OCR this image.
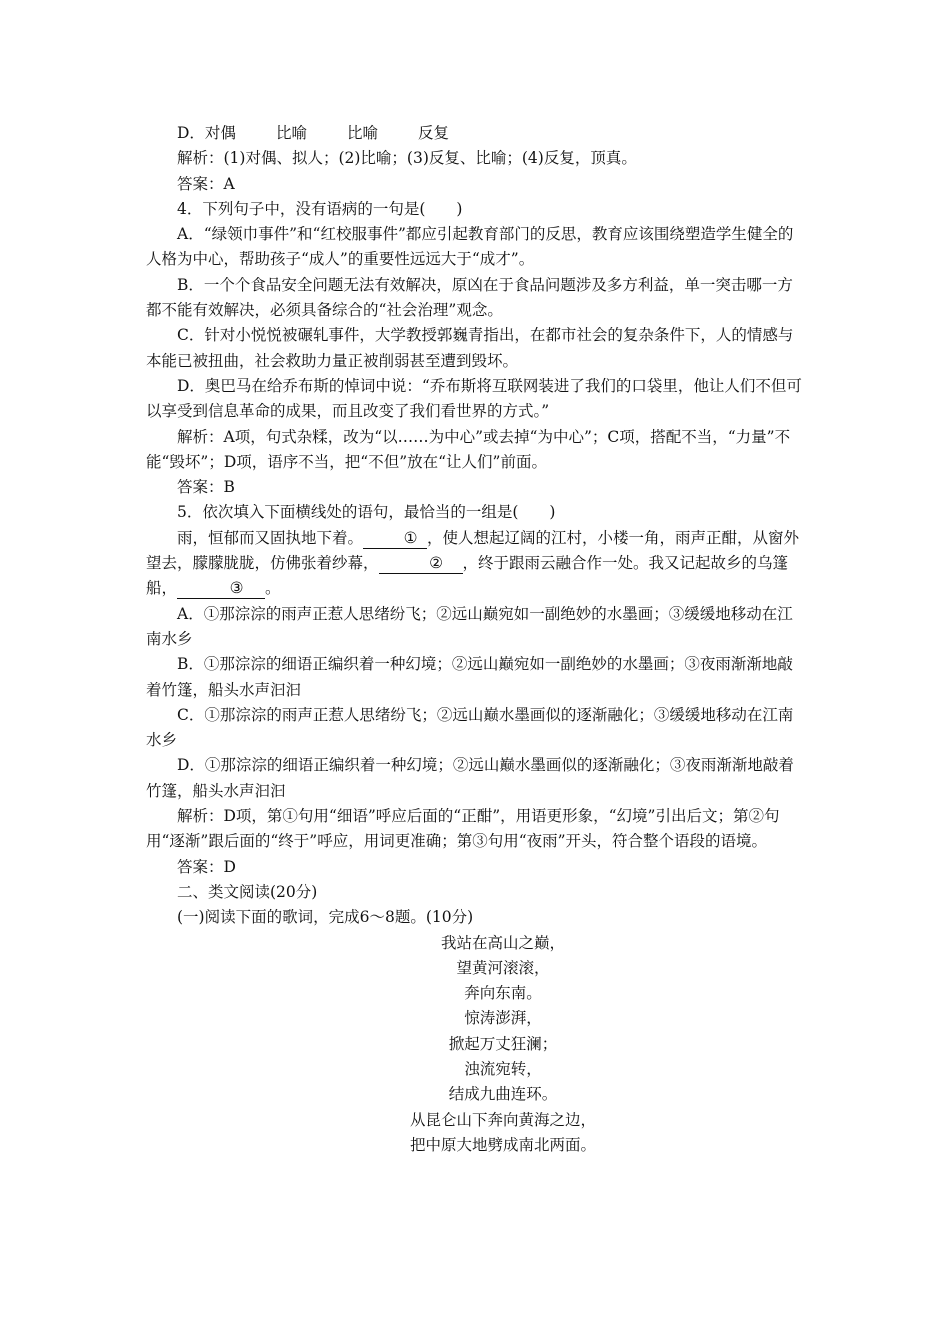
D．对偶	比喻	比喻	反复

解析：(1)对偶、拟人；(2)比喻；(3)反复、比喻；(4)反复，顶真。

答案：A

4．下列句子中，没有语病的一句是(　　)

A．“绿领巾事件”和“红校服事件”都应引起教育部门的反思，教育应该围绕塑造学生健全的人格为中心，帮助孩子“成人”的重要性远远大于“成才”。

B．一个个食品安全问题无法有效解决，原凶在于食品问题涉及多方利益，单一突击哪一方都不能有效解决，必须具备综合的“社会治理”观念。

C．针对小悦悦被碾轧事件，大学教授郭巍青指出，在都市社会的复杂条件下，人的情感与本能已被扭曲，社会救助力量正被削弱甚至遭到毁坏。

D．奥巴马在给乔布斯的悼词中说：“乔布斯将互联网装进了我们的口袋里，他让人们不但可以享受到信息革命的成果，而且改变了我们看世界的方式。”

解析：A项，句式杂糅，改为“以……为中心”或去掉“为中心”；C项，搭配不当，“力量”不能“毁坏”；D项，语序不当，把“不但”放在“让人们”前面。

答案：B

5．依次填入下面横线处的语句，最恰当的一组是(　　)

雨，恒郁而又固执地下着。	① ，使人想起辽阔的江村，小楼一角，雨声正酣，从窗外望去，朦朦胧胧，仿佛张着纱幕，	② ，终于跟雨云融合作一处。我又记起故乡的乌篷船，	③ 。

A．①那淙淙的雨声正惹人思绪纷飞；②远山巅宛如一副绝妙的水墨画；③缓缓地移动在江南水乡

B．①那淙淙的细语正编织着一种幻境；②远山巅宛如一副绝妙的水墨画；③夜雨渐渐地敲着竹篷，船头水声汩汩

C．①那淙淙的雨声正惹人思绪纷飞；②远山巅水墨画似的逐渐融化；③缓缓地移动在江南水乡

D．①那淙淙的细语正编织着一种幻境；②远山巅水墨画似的逐渐融化；③夜雨渐渐地敲着竹篷，船头水声汩汩

解析：D项，第①句用“细语”呼应后面的“正酣”，用语更形象，“幻境”引出后文；第②句用“逐渐”跟后面的“终于”呼应，用词更准确；第③句用“夜雨”开头，符合整个语段的语境。

答案：D

二、类文阅读(20分)

(一)阅读下面的歌词，完成6～8题。(10分)

我站在高山之巅，

望黄河滚滚，

奔向东南。

惊涛澎湃，

掀起万丈狂澜；

浊流宛转，

结成九曲连环。

从昆仑山下奔向黄海之边，

把中原大地劈成南北两面。
